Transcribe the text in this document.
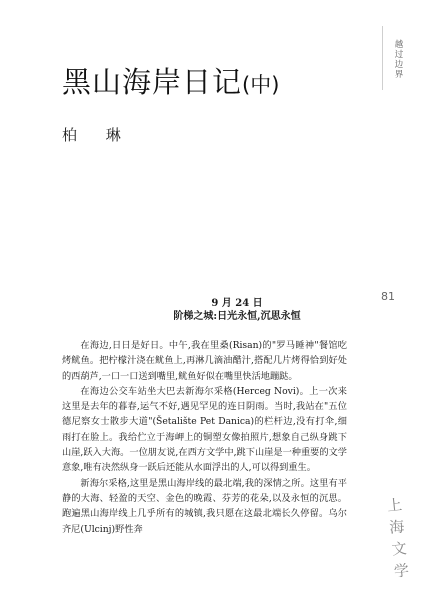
越过边界
81
黑山海岸日记(中)
柏 琳
9 月 24 日
阶梯之城:日光永恒,沉思永恒

在海边,日日是好日。中午,我在里桑(Risan)的"罗马睡神"餐馆吃烤鱿鱼。把柠檬汁浇在鱿鱼上,再淋几滴油醋汁,搭配几片烤得恰到好处的西葫芦,一口一口送到嘴里,鱿鱼好似在嘴里快活地蹦跶。

在海边公交车站坐大巴去新海尔采格(Herceg Novi)。上一次来这里是去年的暮春,运气不好,遇见罕见的连日阴雨。当时,我站在"五位德尼察女士散步大道"(Šetalište Pet Danica)的栏杆边,没有打伞,细雨打在脸上。我给伫立于海岬上的铜塑女像拍照片,想象自己纵身跳下山崖,跃入大海。一位朋友说,在西方文学中,跳下山崖是一种重要的文学意象,唯有决然纵身一跃后还能从水面浮出的人,可以得到重生。

新海尔采格,这里是黑山海岸线的最北端,我的深情之所。这里有平静的大海、轻盈的天空、金色的晚霞、芬芳的花朵,以及永恒的沉思。跑遍黑山海岸线上几乎所有的城镇,我只愿在这最北端长久停留。乌尔齐尼(Ulcinj)野性奔

上
海
文
学
